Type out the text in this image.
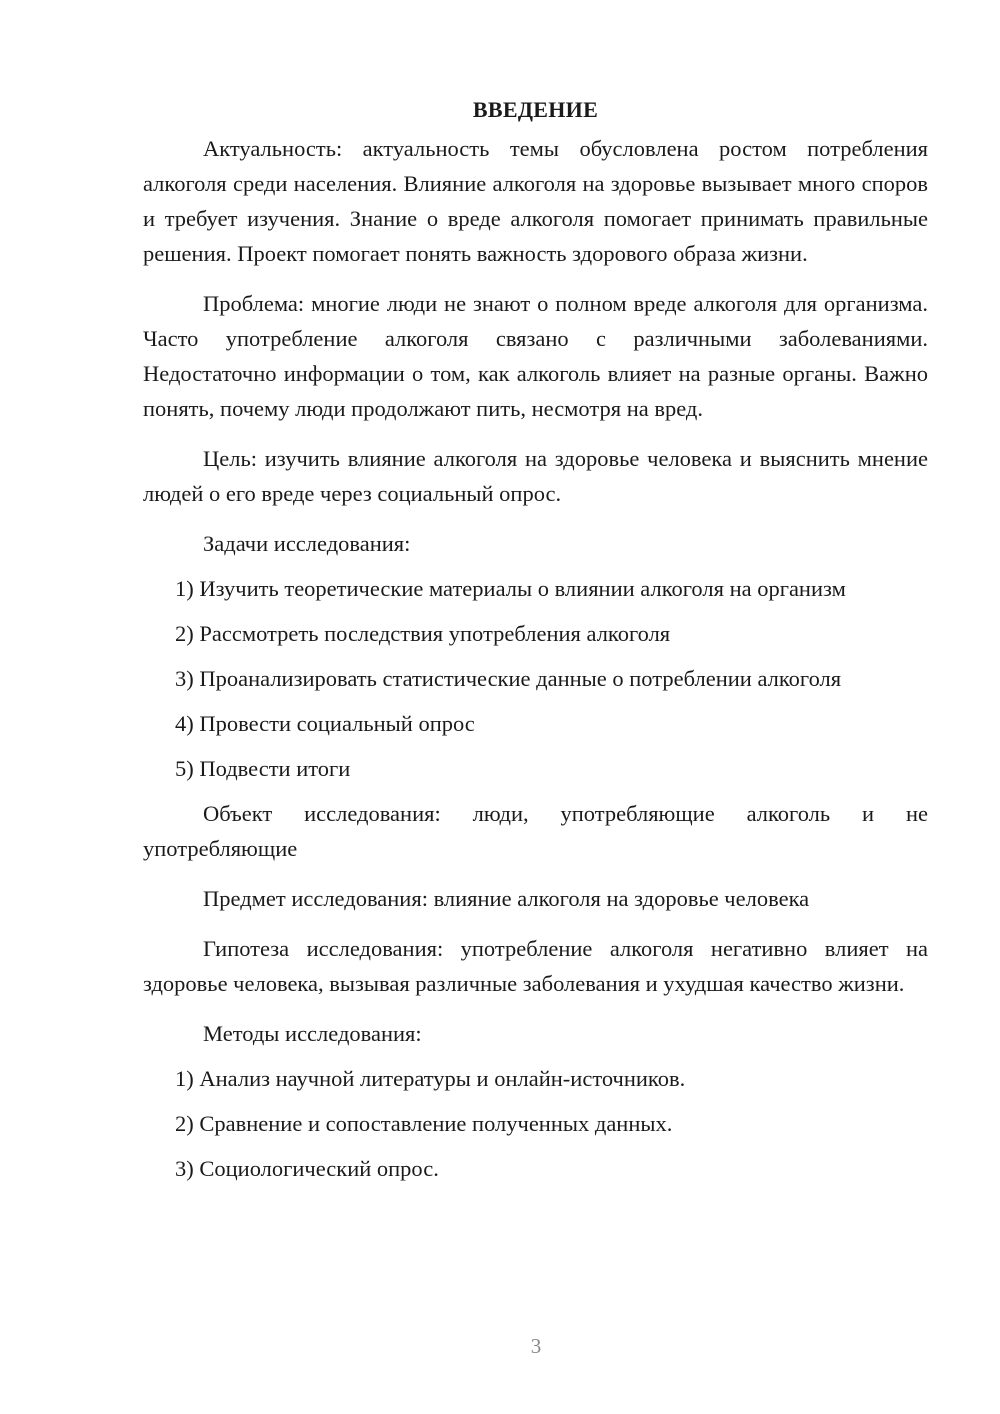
ВВЕДЕНИЕ

Актуальность: актуальность темы обусловлена ростом потребления алкоголя среди населения. Влияние алкоголя на здоровье вызывает много споров и требует изучения. Знание о вреде алкоголя помогает принимать правильные решения. Проект помогает понять важность здорового образа жизни.

Проблема: многие люди не знают о полном вреде алкоголя для организма. Часто употребление алкоголя связано с различными заболеваниями. Недостаточно информации о том, как алкоголь влияет на разные органы. Важно понять, почему люди продолжают пить, несмотря на вред.

Цель: изучить влияние алкоголя на здоровье человека и выяснить мнение людей о его вреде через социальный опрос.

Задачи исследования:
1) Изучить теоретические материалы о влиянии алкоголя на организм
2) Рассмотреть последствия употребления алкоголя
3) Проанализировать статистические данные о потреблении алкоголя
4) Провести социальный опрос
5) Подвести итоги

Объект исследования: люди, употребляющие алкоголь и не употребляющие

Предмет исследования: влияние алкоголя на здоровье человека

Гипотеза исследования: употребление алкоголя негативно влияет на здоровье человека, вызывая различные заболевания и ухудшая качество жизни.

Методы исследования:
1) Анализ научной литературы и онлайн-источников.
2) Сравнение и сопоставление полученных данных.
3) Социологический опрос.
3
